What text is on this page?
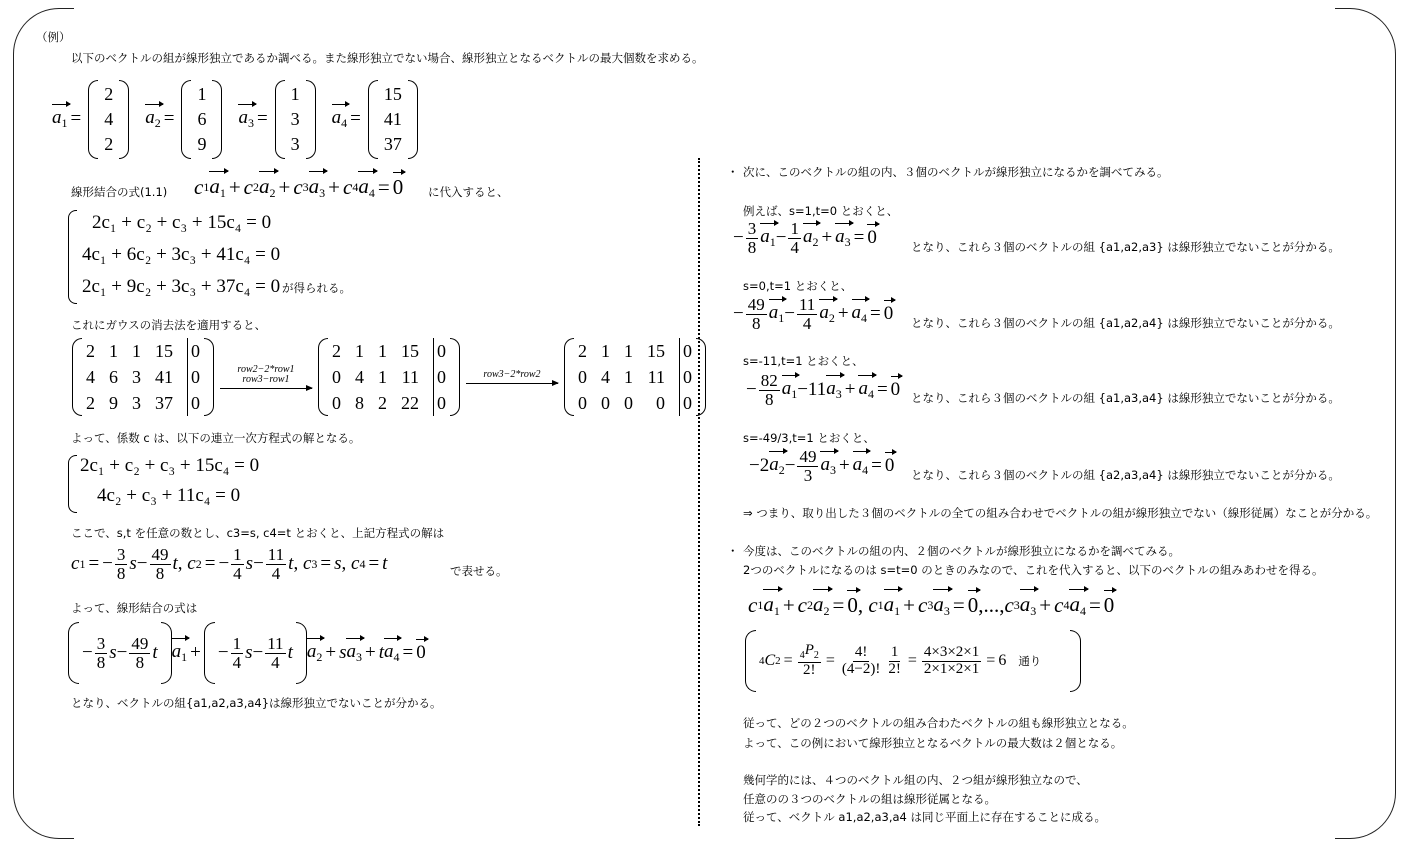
（例）
以下のベクトルの組が線形独立であるか調べる。また線形独立でない場合、線形独立となるベクトルの最大個数を求める。
$a_1$ =
2
4
2
$a_2$ =
1
6
9
$a_3$ =
1
3
3
$a_4$ =
15
41
37
線形結合の式(1.1) c 1 $a_1 + c$ 2 $a_2 + c$ 3 $a_3 + c$ 4 $a_4 = 0$ に代入すると、
2c₁ + c₂ + c₃ + 15c₄ = 0
4c₁ + 6c₂ + 3c₃ + 41c₄ = 0
2c₁ + 9c₂ + 3c₃ + 37c₄ = 0 が得られる。
これにガウスの消去法を適用すると、
2 1 1 15 0
4 6 3 41 0
2 9 3 37 0
row2−2*row1
row3−row1
2 1 1 15 0
0 4 1 11 0
0 8 2 22 0
row3−2*row2
2 1 1 15 0
0 4 1 11 0
0 0 0	0 0
よって、係数 c は、以下の連立一次方程式の解となる。
2c₁ + c₂ + c₃ + 15c₄ = 0
4c₂ + c₃ + 11c₄ = 0
ここで、s,t を任意の数とし、c3=s, c4=t とおくと、上記方程式の解は
c 1 = − $\frac{3}{8}$ $s - \frac{49}{8}$ t , c 2 = − $\frac{1}{4}$ $s - \frac{11}{4}$ t , c 3 = s , c 4 = t	で表せる。
よって、線形結合の式は
− $\frac{3}{8}$ $s - \frac{49}{8}$ t $a_1$ + − $\frac{1}{4}$ $s - \frac{11}{4}$ t $a_2 + s$ $a_3 + t$ $a_4 = 0$
となり、ベクトルの組{a1,a2,a3,a4}は線形独立でないことが分かる。
・ 次に、このベクトルの組の内、３個のベクトルが線形独立になるかを調べてみる。
例えば、s=1,t=0 とおくと、
− $\frac{3}{8} a_1 - \frac{1}{4} a_2 + a_3 = 0$	となり、これら３個のベクトルの組 {a1,a2,a3} は線形独立でないことが分かる。
s=0,t=1 とおくと、
− $\frac{49}{8} a_1 - \frac{11}{4} a_2 + a_4 = 0$ となり、これら３個のベクトルの組 {a1,a2,a4} は線形独立でないことが分かる。
s=-11,t=1 とおくと、
− $\frac{82}{8} a_1 -11$ $a_3 + a_4 = 0$ となり、これら３個のベクトルの組 {a1,a3,a4} は線形独立でないことが分かる。
s=-49/3,t=1 とおくと、
−2 $a_2 - \frac{49}{3} a_3 + a_4 = 0$ となり、これら３個のベクトルの組 {a2,a3,a4} は線形独立でないことが分かる。
⇒ つまり、取り出した３個のベクトルの全ての組み合わせでベクトルの組が線形独立でない（線形従属）なことが分かる。
・ 今度は、このベクトルの組の内、２個のベクトルが線形独立になるかを調べてみる。
2つのベクトルになるのは s=t=0 のときのみなので、これを代入すると、以下のベクトルの組みあわせを得る。
c 1 $a_1 + c$ 2 $a_2 = 0$ , c 1 $a_1 + c$ 3 $a_3 = 0$ ,..., c 3 $a_3 + c$ 4 $a_4 = 0$
4 C $2 = \frac{_4P_2}{2!} = \frac{4!}{(4-2)!} \frac{1}{2!} = \frac{4\times 3\times 2\times 1}{2\times 1\times 2\times 1} = 6$ 通り
従って、どの２つのベクトルの組み合わたベクトルの組も線形独立となる。
よって、この例において線形独立となるベクトルの最大数は２個となる。
幾何学的には、４つのベクトル組の内、２つ組が線形独立なので、
任意のの３つのベクトルの組は線形従属となる。
従って、ベクトル a1,a2,a3,a4 は同じ平面上に存在することに成る。
